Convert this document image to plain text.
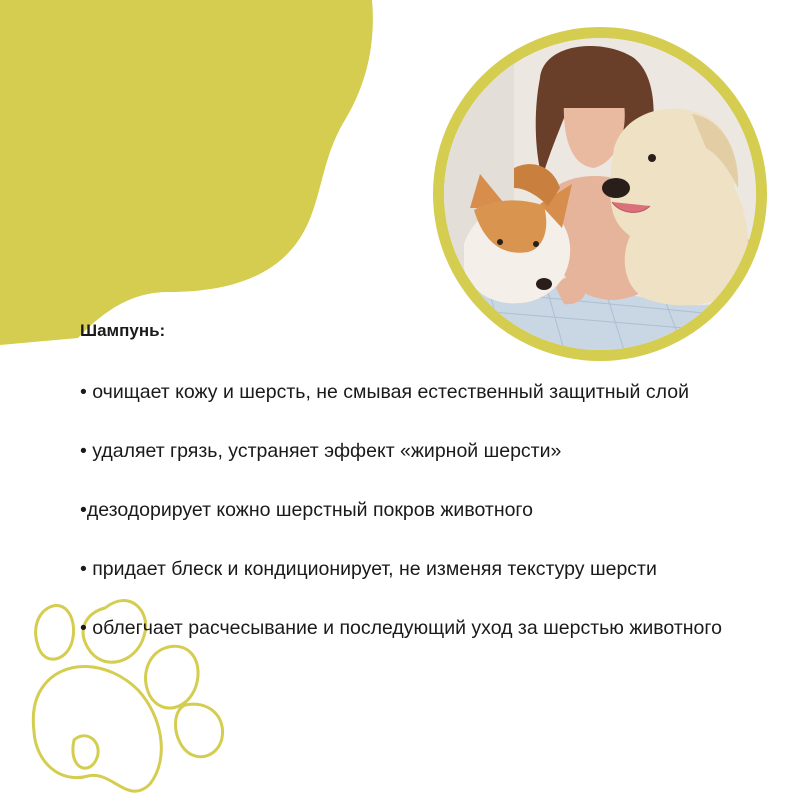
Шампунь:

• очищает кожу и шерсть, не смывая естественный защитный слой

• удаляет грязь, устраняет эффект «жирной шерсти»

•дезодорирует кожно шерстный покров животного

• придает блеск и кондиционирует, не изменяя текстуру шерсти

• облегчает расчесывание и последующий уход за шерстью животного
